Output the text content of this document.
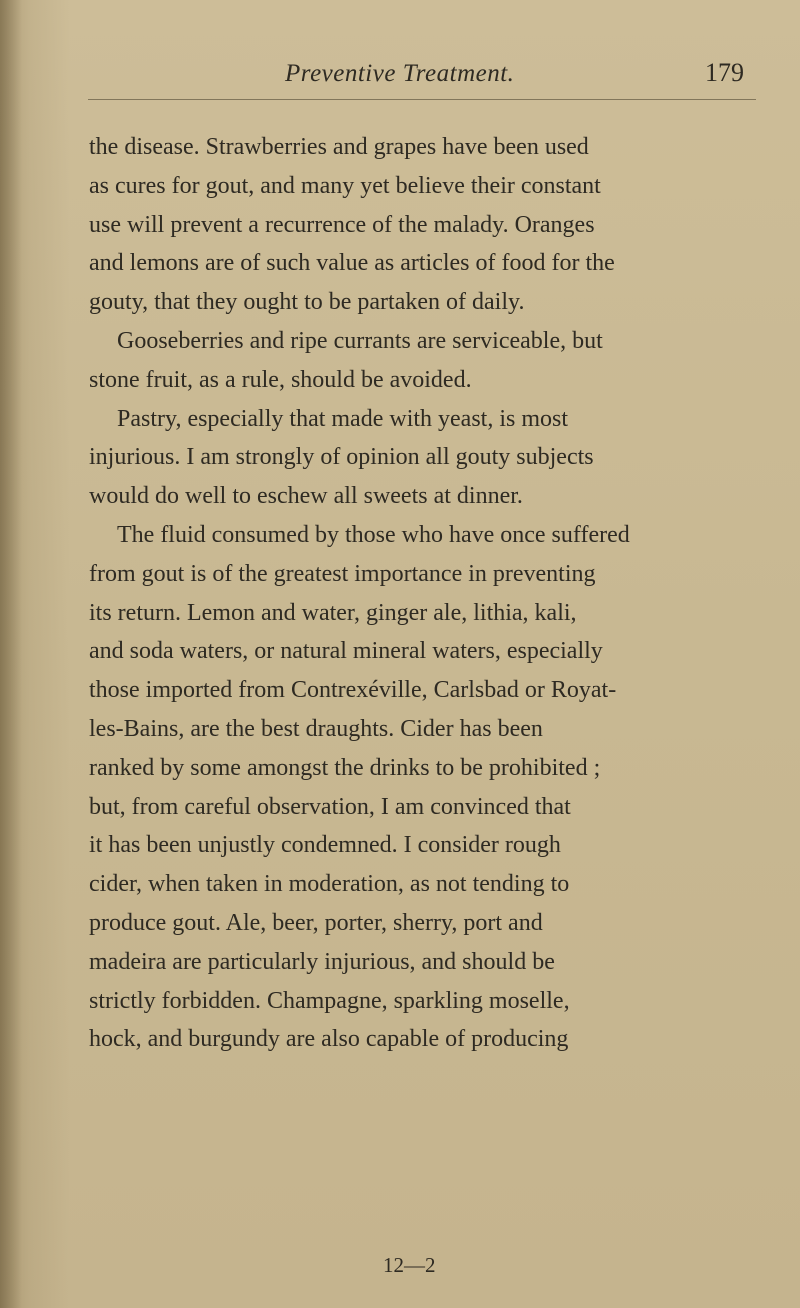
Preventive Treatment.	179
the disease. Strawberries and grapes have been used
as cures for gout, and many yet believe their constant
use will prevent a recurrence of the malady. Oranges
and lemons are of such value as articles of food for the
gouty, that they ought to be partaken of daily.
Gooseberries and ripe currants are serviceable, but
stone fruit, as a rule, should be avoided.
Pastry, especially that made with yeast, is most
injurious. I am strongly of opinion all gouty subjects
would do well to eschew all sweets at dinner.
The fluid consumed by those who have once suffered
from gout is of the greatest importance in preventing
its return. Lemon and water, ginger ale, lithia, kali,
and soda waters, or natural mineral waters, especially
those imported from Contrexéville, Carlsbad or Royat-
les-Bains, are the best draughts. Cider has been
ranked by some amongst the drinks to be prohibited ;
but, from careful observation, I am convinced that
it has been unjustly condemned. I consider rough
cider, when taken in moderation, as not tending to
produce gout. Ale, beer, porter, sherry, port and
madeira are particularly injurious, and should be
strictly forbidden. Champagne, sparkling moselle,
hock, and burgundy are also capable of producing
12—2
